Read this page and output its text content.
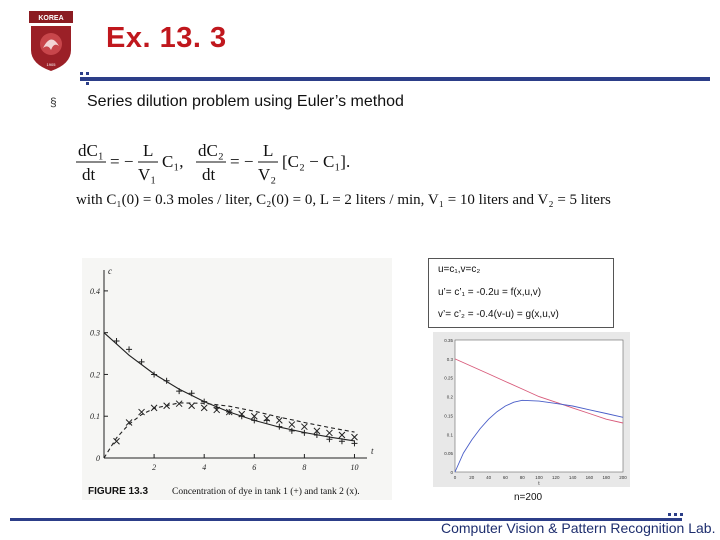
KOREA
1905
Ex. 13. 3
§ Series dilution problem using Euler’s method
dC₁
dt
= −
L
V₁
C₁,
dC₂
dt
= −
L
V₂
[C₂ − C₁].
with C₁(0) = 0.3 moles / liter, C₂(0) = 0, L = 2 liters / min, V₁ = 10 liters and V₂ = 5 liters
0.4
0.3
0.2
0.1
0
2	4	6	8	10
c
t
FIGURE 13.3	Concentration of dye in tank 1 (+) and tank 2 (x).
u=c₁,v=c₂
u’= c’₁ = -0.2u = f(x,u,v)
v’= c’₂ = -0.4(v-u) = g(x,u,v)
0.35
0.3
0.25
0.2
0.15
0.1
0.05
0
0	20	40	60	80 100 120 140 160 180 200
t
n=200
Computer Vision & Pattern Recognition Lab.
